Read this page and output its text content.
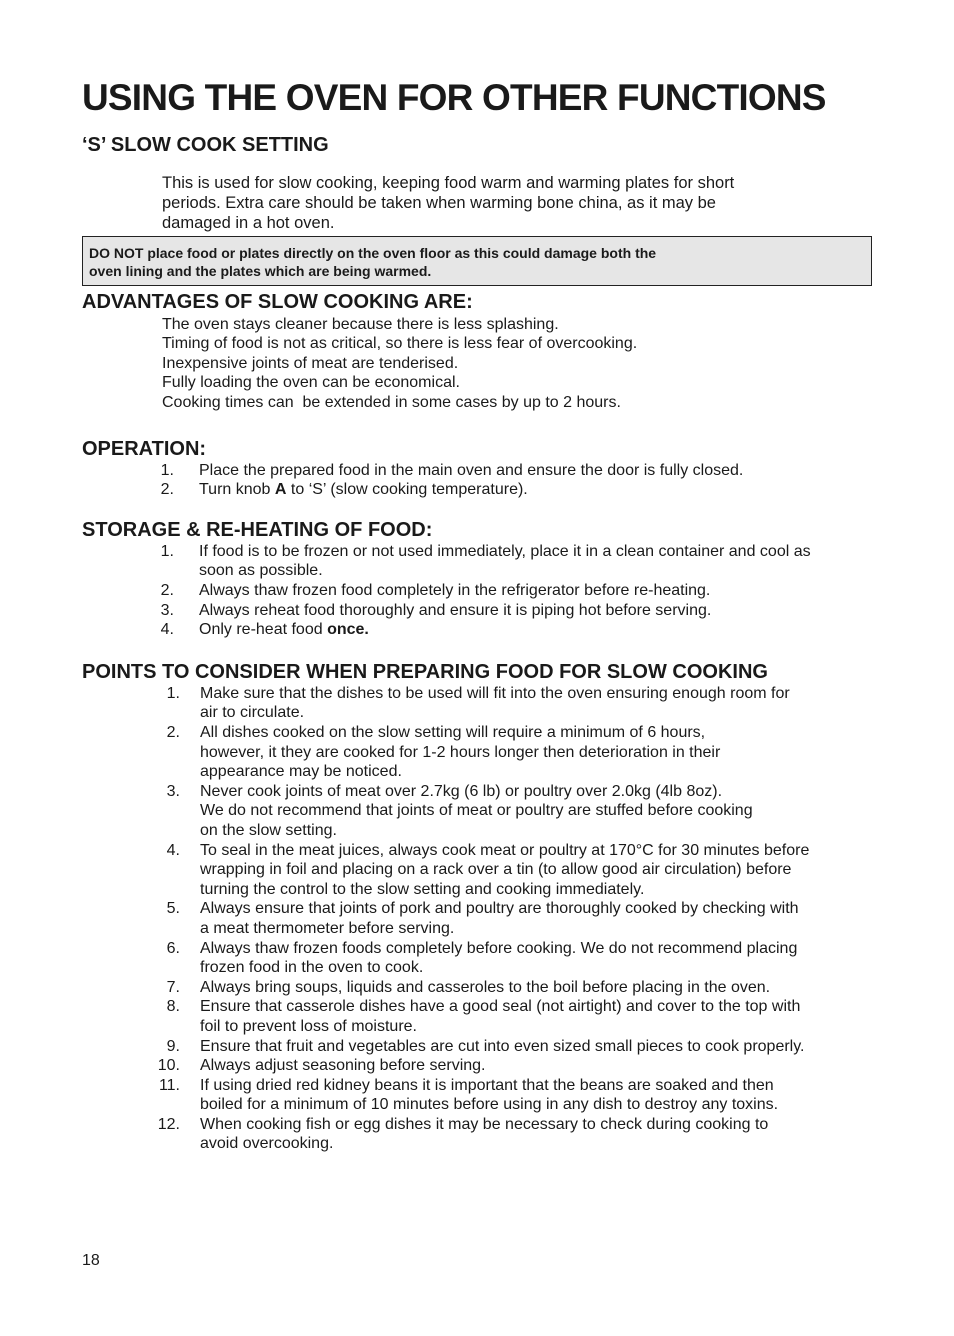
USING THE OVEN FOR OTHER FUNCTIONS
‘S’ SLOW COOK SETTING
This is used for slow cooking, keeping food warm and warming plates for short
periods. Extra care should be taken when warming bone china, as it may be
damaged in a hot oven.
DO NOT place food or plates directly on the oven floor as this could damage both the
oven lining and the plates which are being warmed.
ADVANTAGES OF SLOW COOKING ARE:
The oven stays cleaner because there is less splashing.
Timing of food is not as critical, so there is less fear of overcooking.
Inexpensive joints of meat are tenderised.
Fully loading the oven can be economical.
Cooking times can  be extended in some cases by up to 2 hours.
OPERATION:
1. Place the prepared food in the main oven and ensure the door is fully closed.
2. Turn knob A to ‘S’ (slow cooking temperature).
STORAGE & RE-HEATING OF FOOD:
1. If food is to be frozen or not used immediately, place it in a clean container and cool as
soon as possible.
2. Always thaw frozen food completely in the refrigerator before re-heating.
3. Always reheat food thoroughly and ensure it is piping hot before serving.
4. Only re-heat food once.
POINTS TO CONSIDER WHEN PREPARING FOOD FOR SLOW COOKING
1. Make sure that the dishes to be used will fit into the oven ensuring enough room for
air to circulate.
2. All dishes cooked on the slow setting will require a minimum of 6 hours,
however, it they are cooked for 1-2 hours longer then deterioration in their
appearance may be noticed.
3. Never cook joints of meat over 2.7kg (6 lb) or poultry over 2.0kg (4lb 8oz).
We do not recommend that joints of meat or poultry are stuffed before cooking
on the slow setting.
4. To seal in the meat juices, always cook meat or poultry at 170°C for 30 minutes before
wrapping in foil and placing on a rack over a tin (to allow good air circulation) before
turning the control to the slow setting and cooking immediately.
5. Always ensure that joints of pork and poultry are thoroughly cooked by checking with
a meat thermometer before serving.
6. Always thaw frozen foods completely before cooking. We do not recommend placing
frozen food in the oven to cook.
7. Always bring soups, liquids and casseroles to the boil before placing in the oven.
8. Ensure that casserole dishes have a good seal (not airtight) and cover to the top with
foil to prevent loss of moisture.
9. Ensure that fruit and vegetables are cut into even sized small pieces to cook properly.
10. Always adjust seasoning before serving.
11. If using dried red kidney beans it is important that the beans are soaked and then
boiled for a minimum of 10 minutes before using in any dish to destroy any toxins.
12. When cooking fish or egg dishes it may be necessary to check during cooking to
avoid overcooking.
18
